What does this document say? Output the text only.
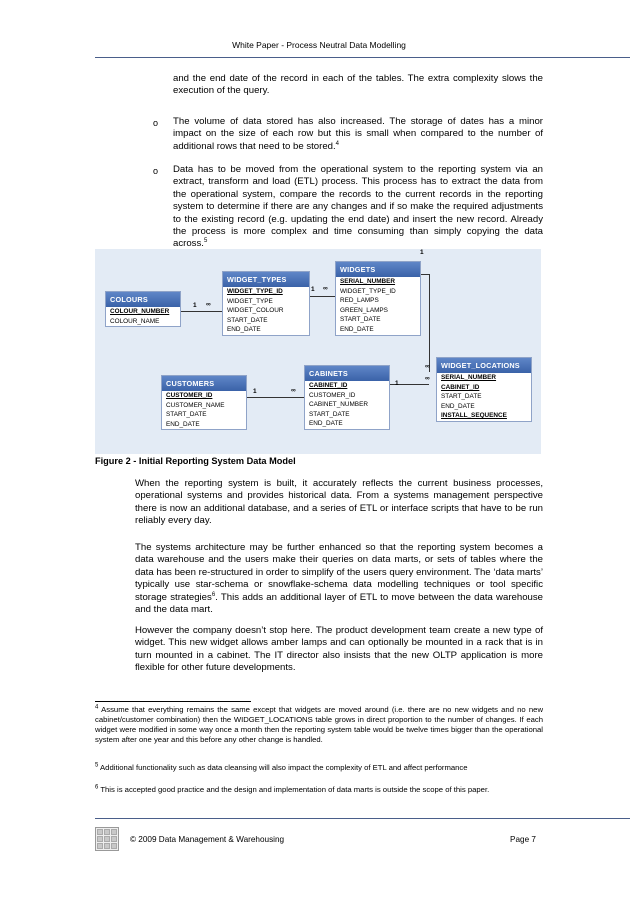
White Paper - Process Neutral Data Modelling
and the end date of the record in each of the tables. The extra complexity slows the execution of the query.
o The volume of data stored has also increased. The storage of dates has a minor impact on the size of each row but this is small when compared to the number of additional rows that need to be stored.$^4$
o Data has to be moved from the operational system to the reporting system via an extract, transform and load (ETL) process. This process has to extract the data from the operational system, compare the records to the current records in the reporting system to determine if there are any changes and if so make the required adjustments to the existing record (e.g. updating the end date) and insert the new record. Already the process is more complex and time consuming than simply copying the data across.$^5$
1 ∞
1 ∞
1
∞
1	∞
1
∞
COLOURS
COLOUR_NUMBER
COLOUR_NAME
WIDGET_TYPES
WIDGET_TYPE_ID
WIDGET_TYPE
WIDGET_COLOUR
START_DATE
END_DATE
WIDGETS
SERIAL_NUMBER
WIDGET_TYPE_ID
RED_LAMPS
GREEN_LAMPS
START_DATE
END_DATE
CUSTOMERS
CUSTOMER_ID
CUSTOMER_NAME
START_DATE
END_DATE
CABINETS
CABINET_ID
CUSTOMER_ID
CABINET_NUMBER
START_DATE
END_DATE
WIDGET_LOCATIONS
SERIAL_NUMBER
CABINET_ID
START_DATE
END_DATE
INSTALL_SEQUENCE
Figure 2 - Initial Reporting System Data Model
When the reporting system is built, it accurately reflects the current business processes, operational systems and provides historical data. From a systems management perspective there is now an additional database, and a series of ETL or interface scripts that have to be run reliably every day.
The systems architecture may be further enhanced so that the reporting system becomes a data warehouse and the users make their queries on data marts, or sets of tables where the data has been re-structured in order to simplify of the users query environment. The ‘data marts’ typically use star-schema or snowflake-schema data modelling techniques or tool specific storage strategies$^6$. This adds an additional layer of ETL to move between the data warehouse and the data mart.
However the company doesn’t stop here. The product development team create a new type of widget. This new widget allows amber lamps and can optionally be mounted in a rack that is in turn mounted in a cabinet. The IT director also insists that the new OLTP application is more flexible for other future developments.
$^4$ Assume that everything remains the same except that widgets are moved around (i.e. there are no new widgets and no new cabinet/customer combination) then the WIDGET_LOCATIONS table grows in direct proportion to the number of changes. If each widget were modified in some way once a month then the reporting system table would be twelve times bigger than the operational system after one year and this before any other change is handled.
$^5$ Additional functionality such as data cleansing will also impact the complexity of ETL and affect performance
$^6$ This is accepted good practice and the design and implementation of data marts is outside the scope of this paper.
© 2009 Data Management & Warehousing	Page 7
